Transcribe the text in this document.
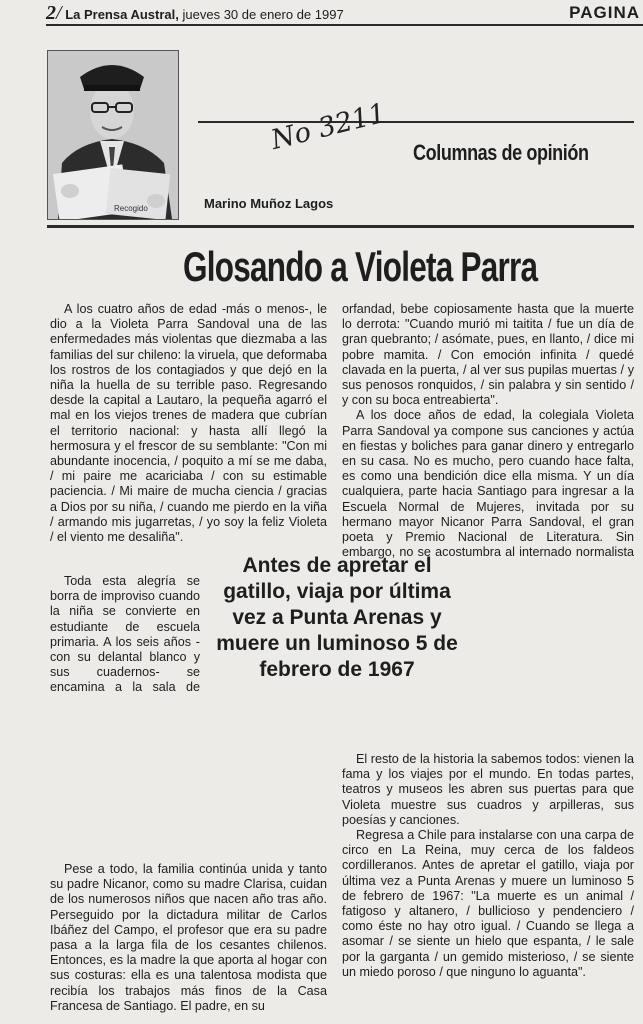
2/ La Prensa Austral, jueves 30 de enero de 1997	PAGINA
Recogido
No 3211 Columnas de opinión
Marino Muñoz Lagos
Glosando a Violeta Parra

A los cuatro años de edad -más o menos-, le dio a la Violeta Parra Sandoval una de las enfermedades más violentas que diezmaba a las familias del sur chileno: la viruela, que deformaba los rostros de los contagiados y que dejó en la niña la huella de su terrible paso. Regresando desde la capital a Lautaro, la pequeña agarró el mal en los viejos trenes de madera que cubrían el territorio nacional: y hasta allí llegó la hermosura y el frescor de su semblante: "Con mi abundante inocencia, / poquito a mí se me daba, / mi paire me acariciaba / con su estimable paciencia. / Mi maire de mucha ciencia / gracias a Dios por su niña, / cuando me pierdo en la viña / armando mis jugarretas, / yo soy la feliz Violeta / el viento me desaliña".

Toda esta alegría se borra de improviso cuando la niña se convierte en estudiante de escuela primaria. A los seis años -con su delantal blanco y sus cuadernos- se encamina a la sala de

Pese a todo, la familia continúa unida y tanto su padre Nicanor, como su madre Clarisa, cuidan de los numerosos niños que nacen año tras año. Perseguido por la dictadura militar de Carlos Ibáñez del Campo, el profesor que era su padre pasa a la larga fila de los cesantes chilenos. Entonces, es la madre la que aporta al hogar con sus costuras: ella es una talentosa modista que recibía los trabajos más finos de la Casa Francesa de Santiago. El padre, en su

orfandad, bebe copiosamente hasta que la muerte lo derrota: "Cuando murió mi taitita / fue un día de gran quebranto; / asómate, pues, en llanto, / dice mi pobre mamita. / Con emoción infinita / quedé clavada en la puerta, / al ver sus pupilas muertas / y sus penosos ronquidos, / sin palabra y sin sentido / y con su boca entreabierta".

A los doce años de edad, la colegiala Violeta Parra Sandoval ya compone sus canciones y actúa en fiestas y boliches para ganar dinero y entregarlo en su casa. No es mucho, pero cuando hace falta, es como una bendición dice ella misma. Y un día cualquiera, parte hacia Santiago para ingresar a la Escuela Normal de Mujeres, invitada por su hermano mayor Nicanor Parra Sandoval, el gran poeta y Premio Nacional de Literatura. Sin embargo, no se acostumbra al internado normalista

El resto de la historia la sabemos todos: vienen la fama y los viajes por el mundo. En todas partes, teatros y museos les abren sus puertas para que Violeta muestre sus cuadros y arpilleras, sus poesías y canciones.

Regresa a Chile para instalarse con una carpa de circo en La Reina, muy cerca de los faldeos cordilleranos. Antes de apretar el gatillo, viaja por última vez a Punta Arenas y muere un luminoso 5 de febrero de 1967: "La muerte es un animal / fatigoso y altanero, / bullicioso y pendenciero / como éste no hay otro igual. / Cuando se llega a asomar / se siente un hielo que espanta, / le sale por la garganta / un gemido misterioso, / se siente un miedo poroso / que ninguno lo aguanta".

Antes de apretar el gatillo, viaja por última vez a Punta Arenas y muere un luminoso 5 de febrero de 1967
